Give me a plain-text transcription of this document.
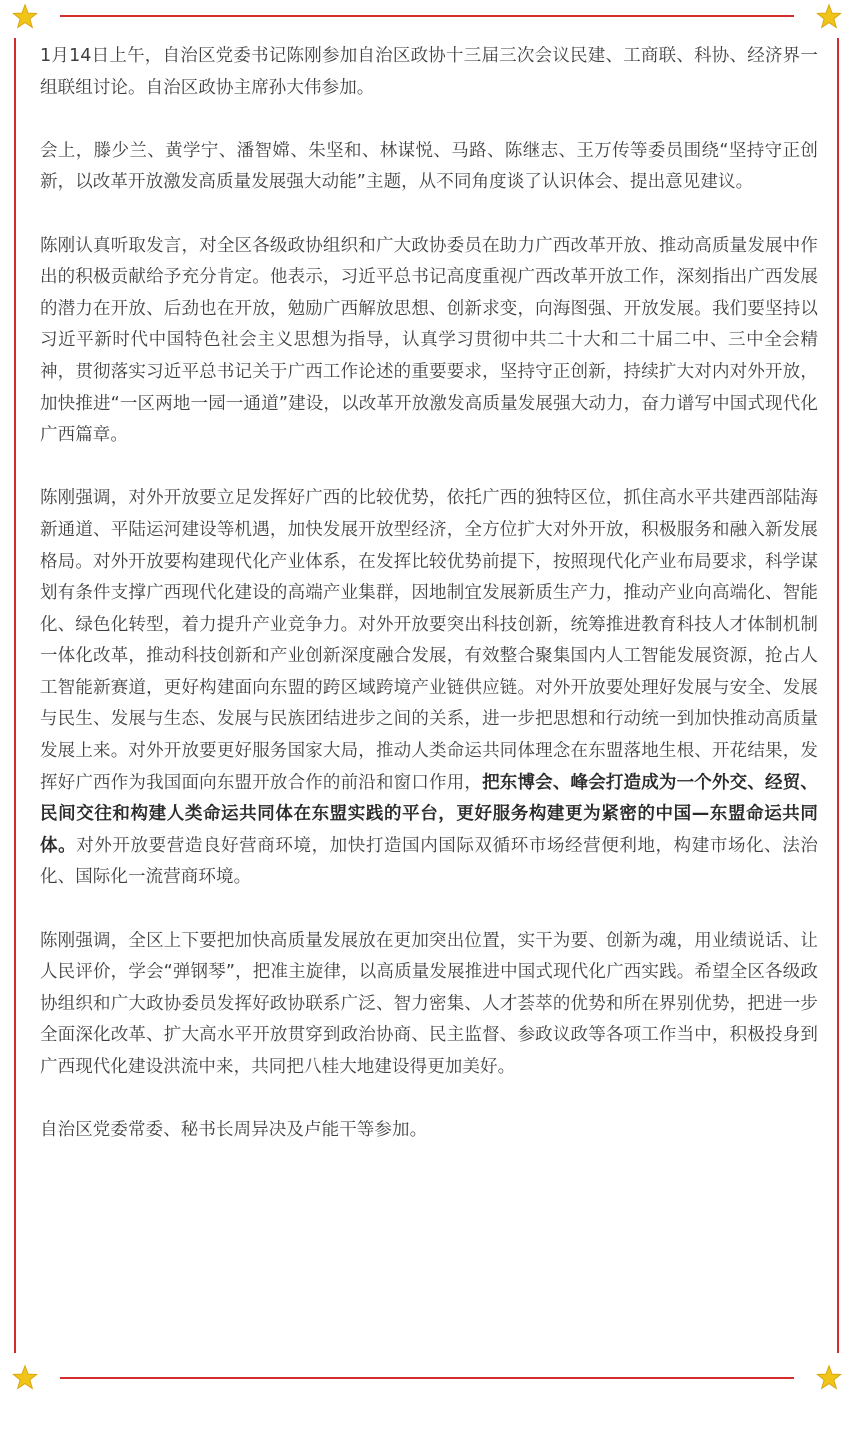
1月14日上午，自治区党委书记陈刚参加自治区政协十三届三次会议民建、工商联、科协、经济界一组联组讨论。自治区政协主席孙大伟参加。

会上，滕少兰、黄学宁、潘智嫦、朱坚和、林谋悦、马路、陈继志、王万传等委员围绕“坚持守正创新，以改革开放激发高质量发展强大动能”主题，从不同角度谈了认识体会、提出意见建议。

陈刚认真听取发言，对全区各级政协组织和广大政协委员在助力广西改革开放、推动高质量发展中作出的积极贡献给予充分肯定。他表示，习近平总书记高度重视广西改革开放工作，深刻指出广西发展的潜力在开放、后劲也在开放，勉励广西解放思想、创新求变，向海图强、开放发展。我们要坚持以习近平新时代中国特色社会主义思想为指导，认真学习贯彻中共二十大和二十届二中、三中全会精神，贯彻落实习近平总书记关于广西工作论述的重要要求，坚持守正创新，持续扩大对内对外开放，加快推进“一区两地一园一通道”建设，以改革开放激发高质量发展强大动力，奋力谱写中国式现代化广西篇章。

陈刚强调，对外开放要立足发挥好广西的比较优势，依托广西的独特区位，抓住高水平共建西部陆海新通道、平陆运河建设等机遇，加快发展开放型经济，全方位扩大对外开放，积极服务和融入新发展格局。对外开放要构建现代化产业体系，在发挥比较优势前提下，按照现代化产业布局要求，科学谋划有条件支撑广西现代化建设的高端产业集群，因地制宜发展新质生产力，推动产业向高端化、智能化、绿色化转型，着力提升产业竞争力。对外开放要突出科技创新，统筹推进教育科技人才体制机制一体化改革，推动科技创新和产业创新深度融合发展，有效整合聚集国内人工智能发展资源，抢占人工智能新赛道，更好构建面向东盟的跨区域跨境产业链供应链。对外开放要处理好发展与安全、发展与民生、发展与生态、发展与民族团结进步之间的关系，进一步把思想和行动统一到加快推动高质量发展上来。对外开放要更好服务国家大局，推动人类命运共同体理念在东盟落地生根、开花结果，发挥好广西作为我国面向东盟开放合作的前沿和窗口作用，把东博会、峰会打造成为一个外交、经贸、民间交往和构建人类命运共同体在东盟实践的平台，更好服务构建更为紧密的中国—东盟命运共同体。对外开放要营造良好营商环境，加快打造国内国际双循环市场经营便利地，构建市场化、法治化、国际化一流营商环境。

陈刚强调，全区上下要把加快高质量发展放在更加突出位置，实干为要、创新为魂，用业绩说话、让人民评价，学会“弹钢琴”，把准主旋律，以高质量发展推进中国式现代化广西实践。希望全区各级政协组织和广大政协委员发挥好政协联系广泛、智力密集、人才荟萃的优势和所在界别优势，把进一步全面深化改革、扩大高水平开放贯穿到政治协商、民主监督、参政议政等各项工作当中，积极投身到广西现代化建设洪流中来，共同把八桂大地建设得更加美好。

自治区党委常委、秘书长周异决及卢能干等参加。
